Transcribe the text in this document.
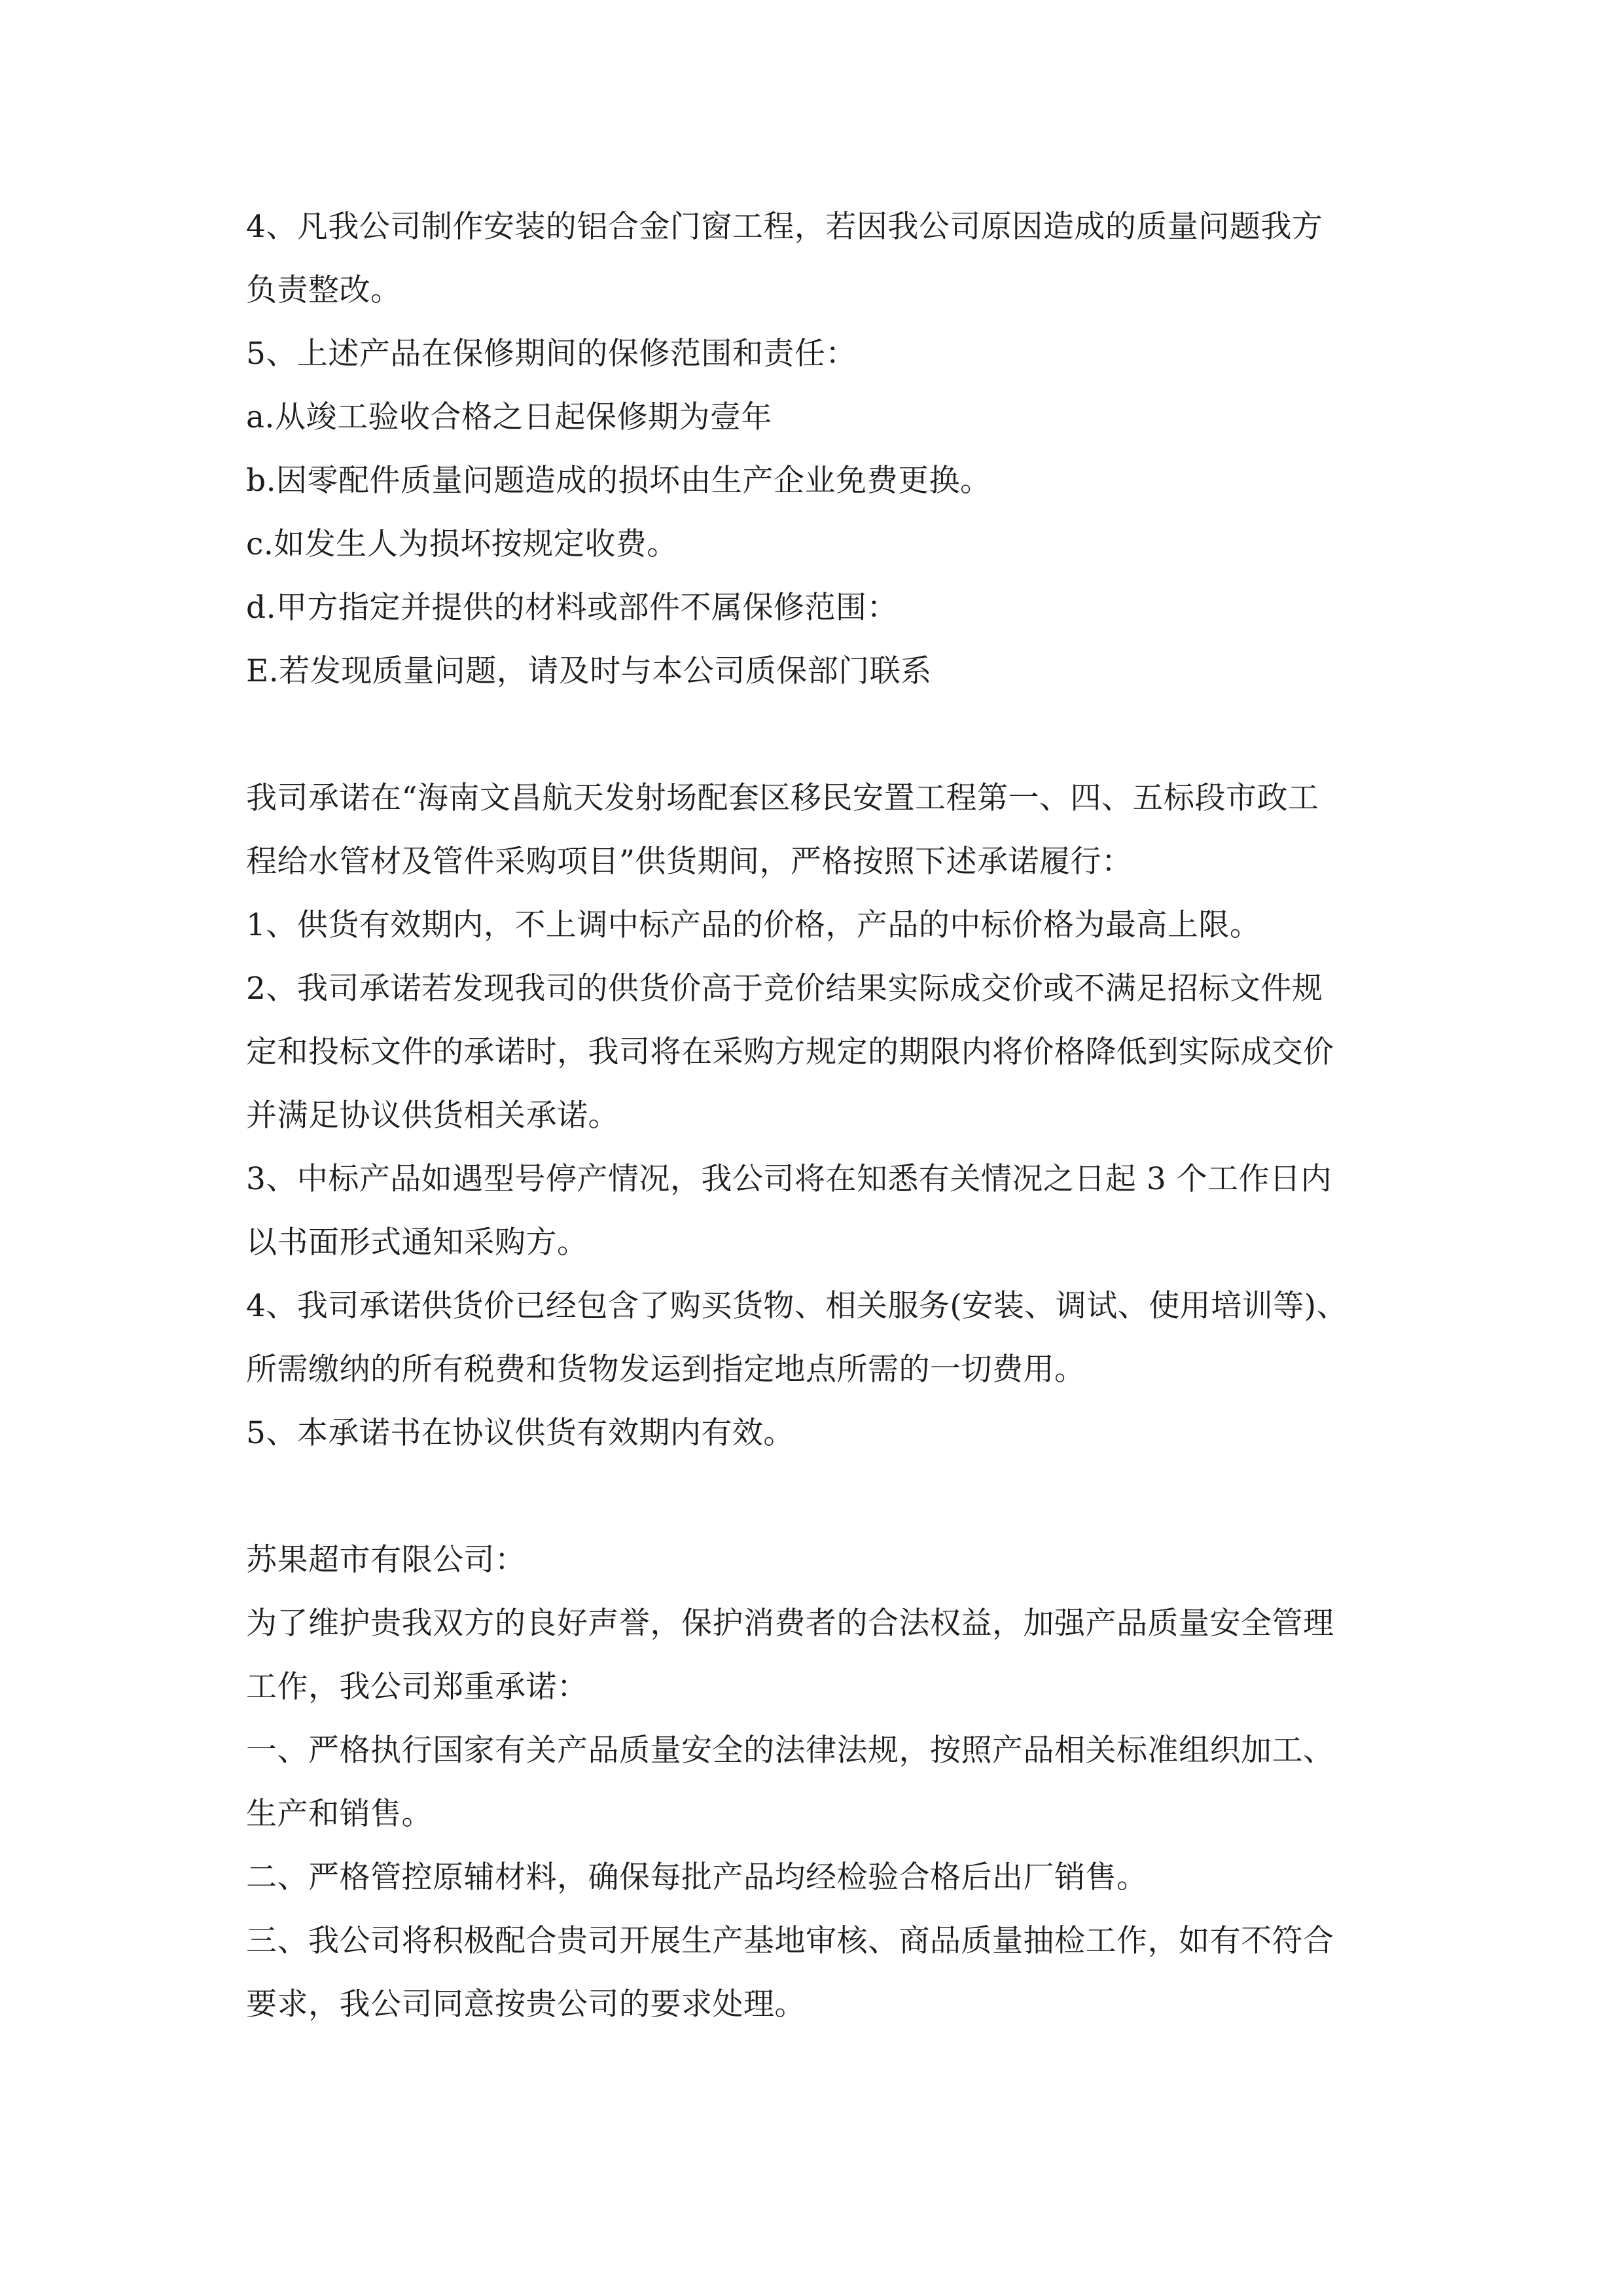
4、凡我公司制作安装的铝合金门窗工程，若因我公司原因造成的质量问题我方
负责整改。
5、上述产品在保修期间的保修范围和责任：
a.从竣工验收合格之日起保修期为壹年
b.因零配件质量问题造成的损坏由生产企业免费更换。
c.如发生人为损坏按规定收费。
d.甲方指定并提供的材料或部件不属保修范围：
E.若发现质量问题，请及时与本公司质保部门联系
我司承诺在“海南文昌航天发射场配套区移民安置工程第一、四、五标段市政工
程给水管材及管件采购项目”供货期间，严格按照下述承诺履行：
1、供货有效期内，不上调中标产品的价格，产品的中标价格为最高上限。
2、我司承诺若发现我司的供货价高于竞价结果实际成交价或不满足招标文件规
定和投标文件的承诺时，我司将在采购方规定的期限内将价格降低到实际成交价
并满足协议供货相关承诺。
3、中标产品如遇型号停产情况，我公司将在知悉有关情况之日起 3 个工作日内
以书面形式通知采购方。
4、我司承诺供货价已经包含了购买货物、相关服务(安装、调试、使用培训等)、
所需缴纳的所有税费和货物发运到指定地点所需的一切费用。
5、本承诺书在协议供货有效期内有效。
苏果超市有限公司：
为了维护贵我双方的良好声誉，保护消费者的合法权益，加强产品质量安全管理
工作，我公司郑重承诺：
一、严格执行国家有关产品质量安全的法律法规，按照产品相关标准组织加工、
生产和销售。
二、严格管控原辅材料，确保每批产品均经检验合格后出厂销售。
三、我公司将积极配合贵司开展生产基地审核、商品质量抽检工作，如有不符合
要求，我公司同意按贵公司的要求处理。
